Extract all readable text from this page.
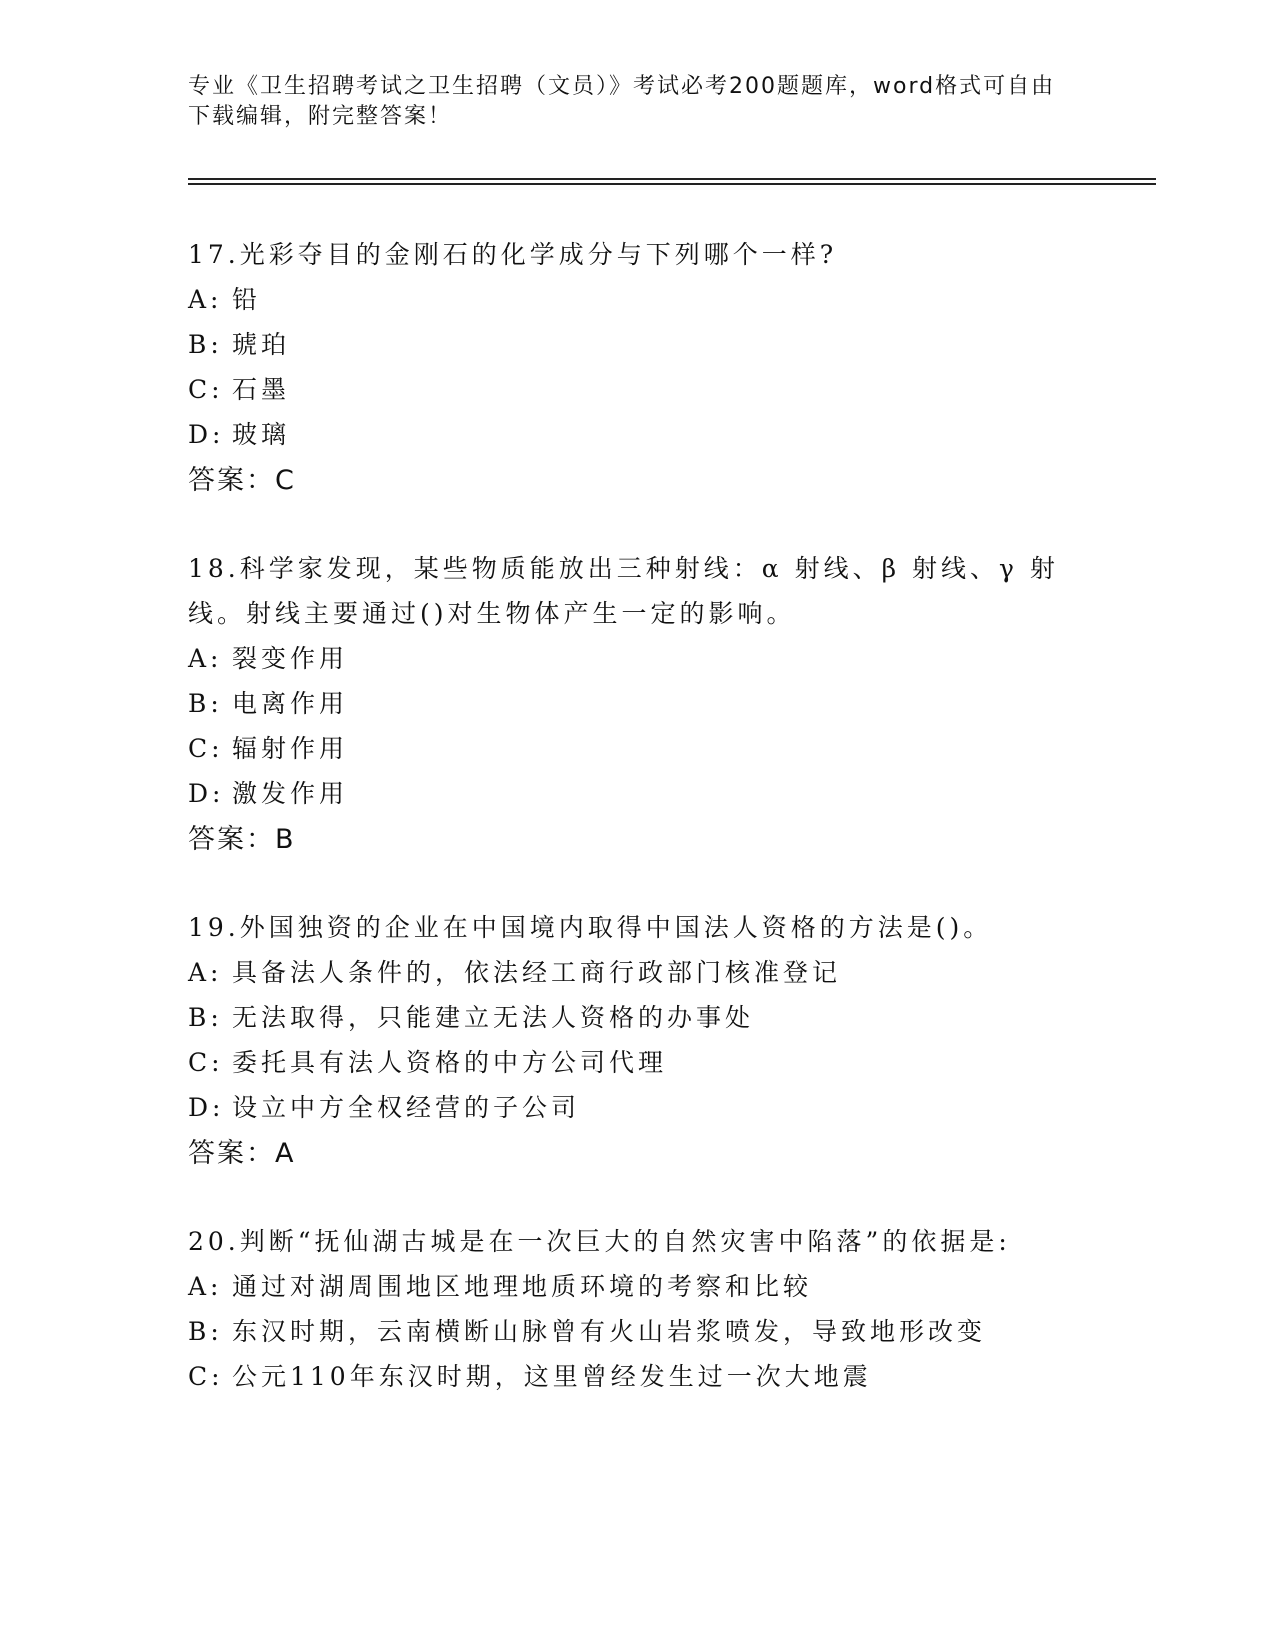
专业《卫生招聘考试之卫生招聘（文员）》考试必考200题题库，word格式可自由下载编辑，附完整答案！

17.光彩夺目的金刚石的化学成分与下列哪个一样?

A: 铅
B: 琥珀
C: 石墨
D: 玻璃

答案：C

18.科学家发现，某些物质能放出三种射线：α 射线、β 射线、γ 射线。射线主要通过()对生物体产生一定的影响。

A: 裂变作用
B: 电离作用
C: 辐射作用
D: 激发作用

答案：B

19.外国独资的企业在中国境内取得中国法人资格的方法是()。

A: 具备法人条件的，依法经工商行政部门核准登记
B: 无法取得，只能建立无法人资格的办事处
C: 委托具有法人资格的中方公司代理
D: 设立中方全权经营的子公司

答案：A

20.判断“抚仙湖古城是在一次巨大的自然灾害中陷落”的依据是:

A: 通过对湖周围地区地理地质环境的考察和比较
B: 东汉时期，云南横断山脉曾有火山岩浆喷发，导致地形改变
C: 公元110年东汉时期，这里曾经发生过一次大地震
